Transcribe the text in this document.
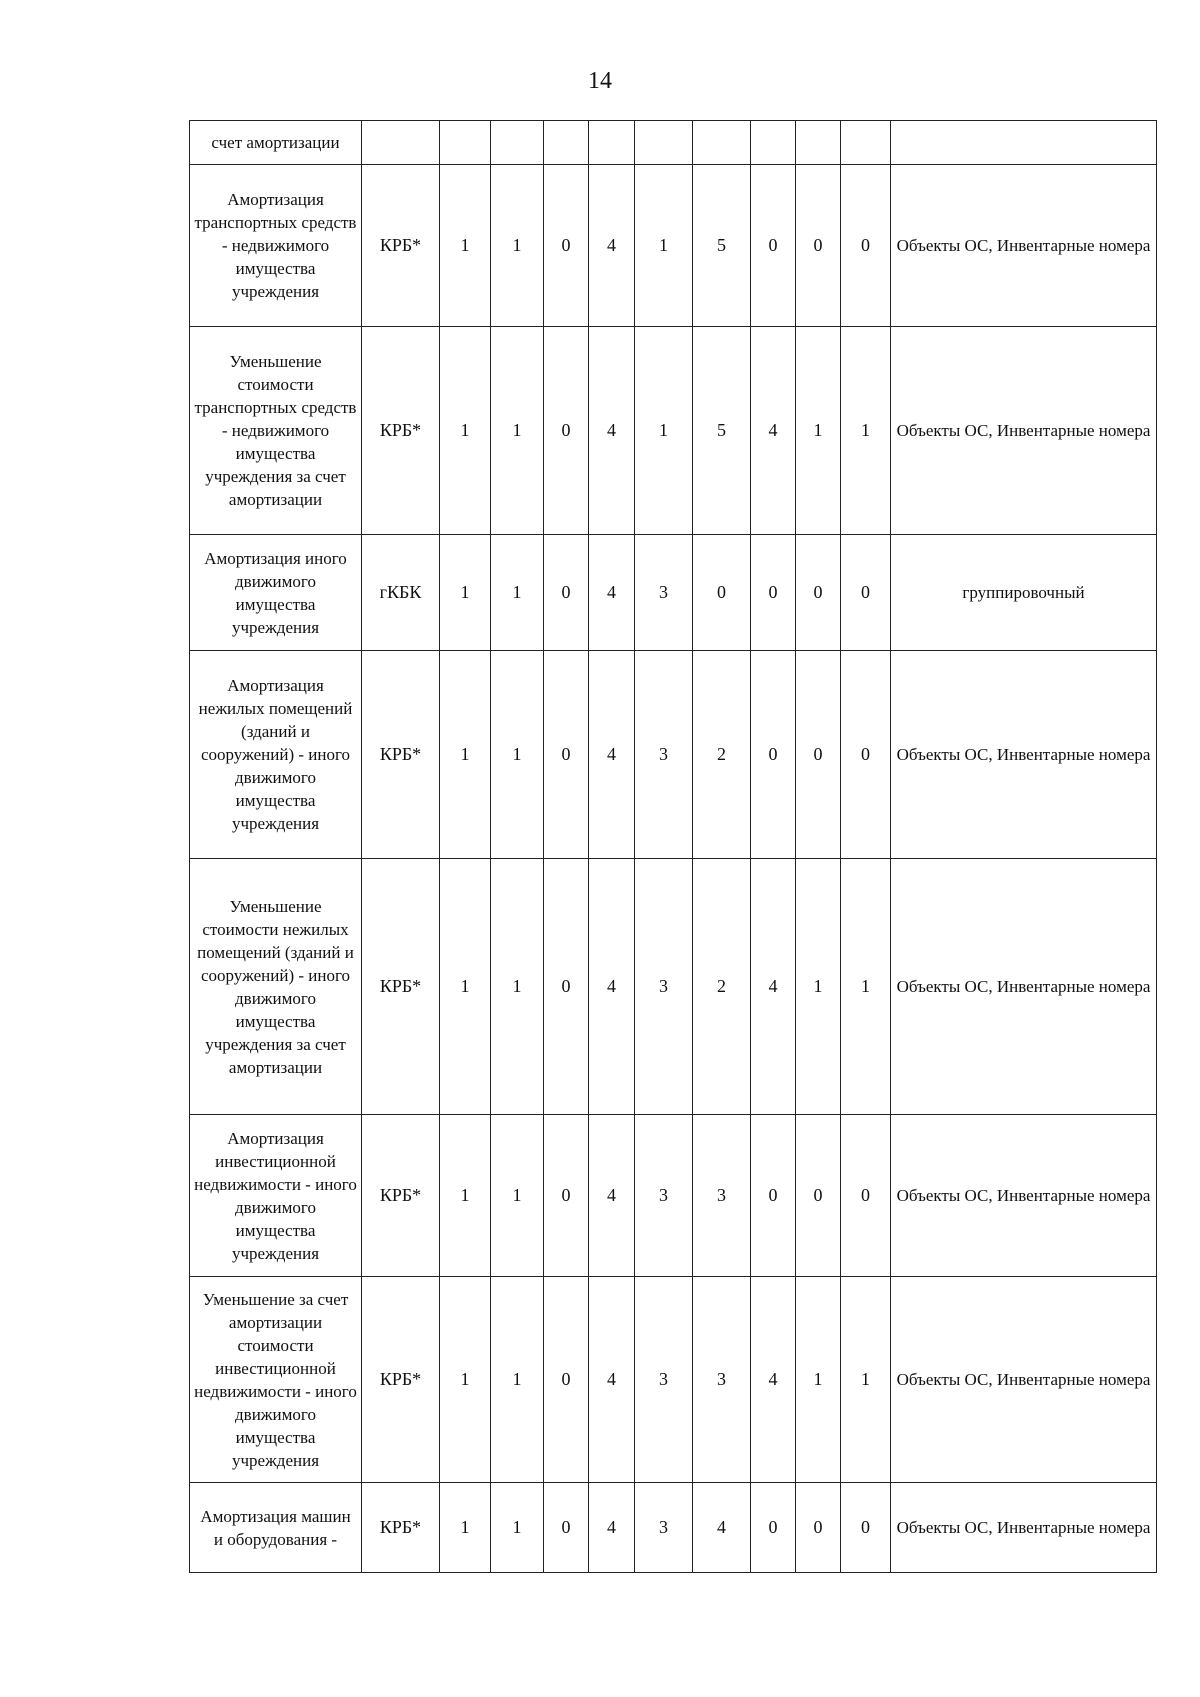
14
счет амортизации											
Амортизация транспортных средств - недвижимого имущества учреждения	КРБ*	1	1	0	4	1	5	0	0	0	Объекты ОС, Инвентарные номера
Уменьшение стоимости транспортных средств - недвижимого имущества учреждения за счет амортизации	КРБ*	1	1	0	4	1	5	4	1	1	Объекты ОС, Инвентарные номера
Амортизация иного движимого имущества учреждения	гКБК	1	1	0	4	3	0	0	0	0	группировочный
Амортизация нежилых помещений (зданий и сооружений) - иного движимого имущества учреждения	КРБ*	1	1	0	4	3	2	0	0	0	Объекты ОС, Инвентарные номера
Уменьшение стоимости нежилых помещений (зданий и сооружений) - иного движимого имущества учреждения за счет амортизации	КРБ*	1	1	0	4	3	2	4	1	1	Объекты ОС, Инвентарные номера
Амортизация инвестиционной недвижимости - иного движимого имущества учреждения	КРБ*	1	1	0	4	3	3	0	0	0	Объекты ОС, Инвентарные номера
Уменьшение за счет амортизации стоимости инвестиционной недвижимости - иного движимого имущества учреждения	КРБ*	1	1	0	4	3	3	4	1	1	Объекты ОС, Инвентарные номера
Амортизация машин и оборудования -	КРБ*	1	1	0	4	3	4	0	0	0	Объекты ОС, Инвентарные номера
